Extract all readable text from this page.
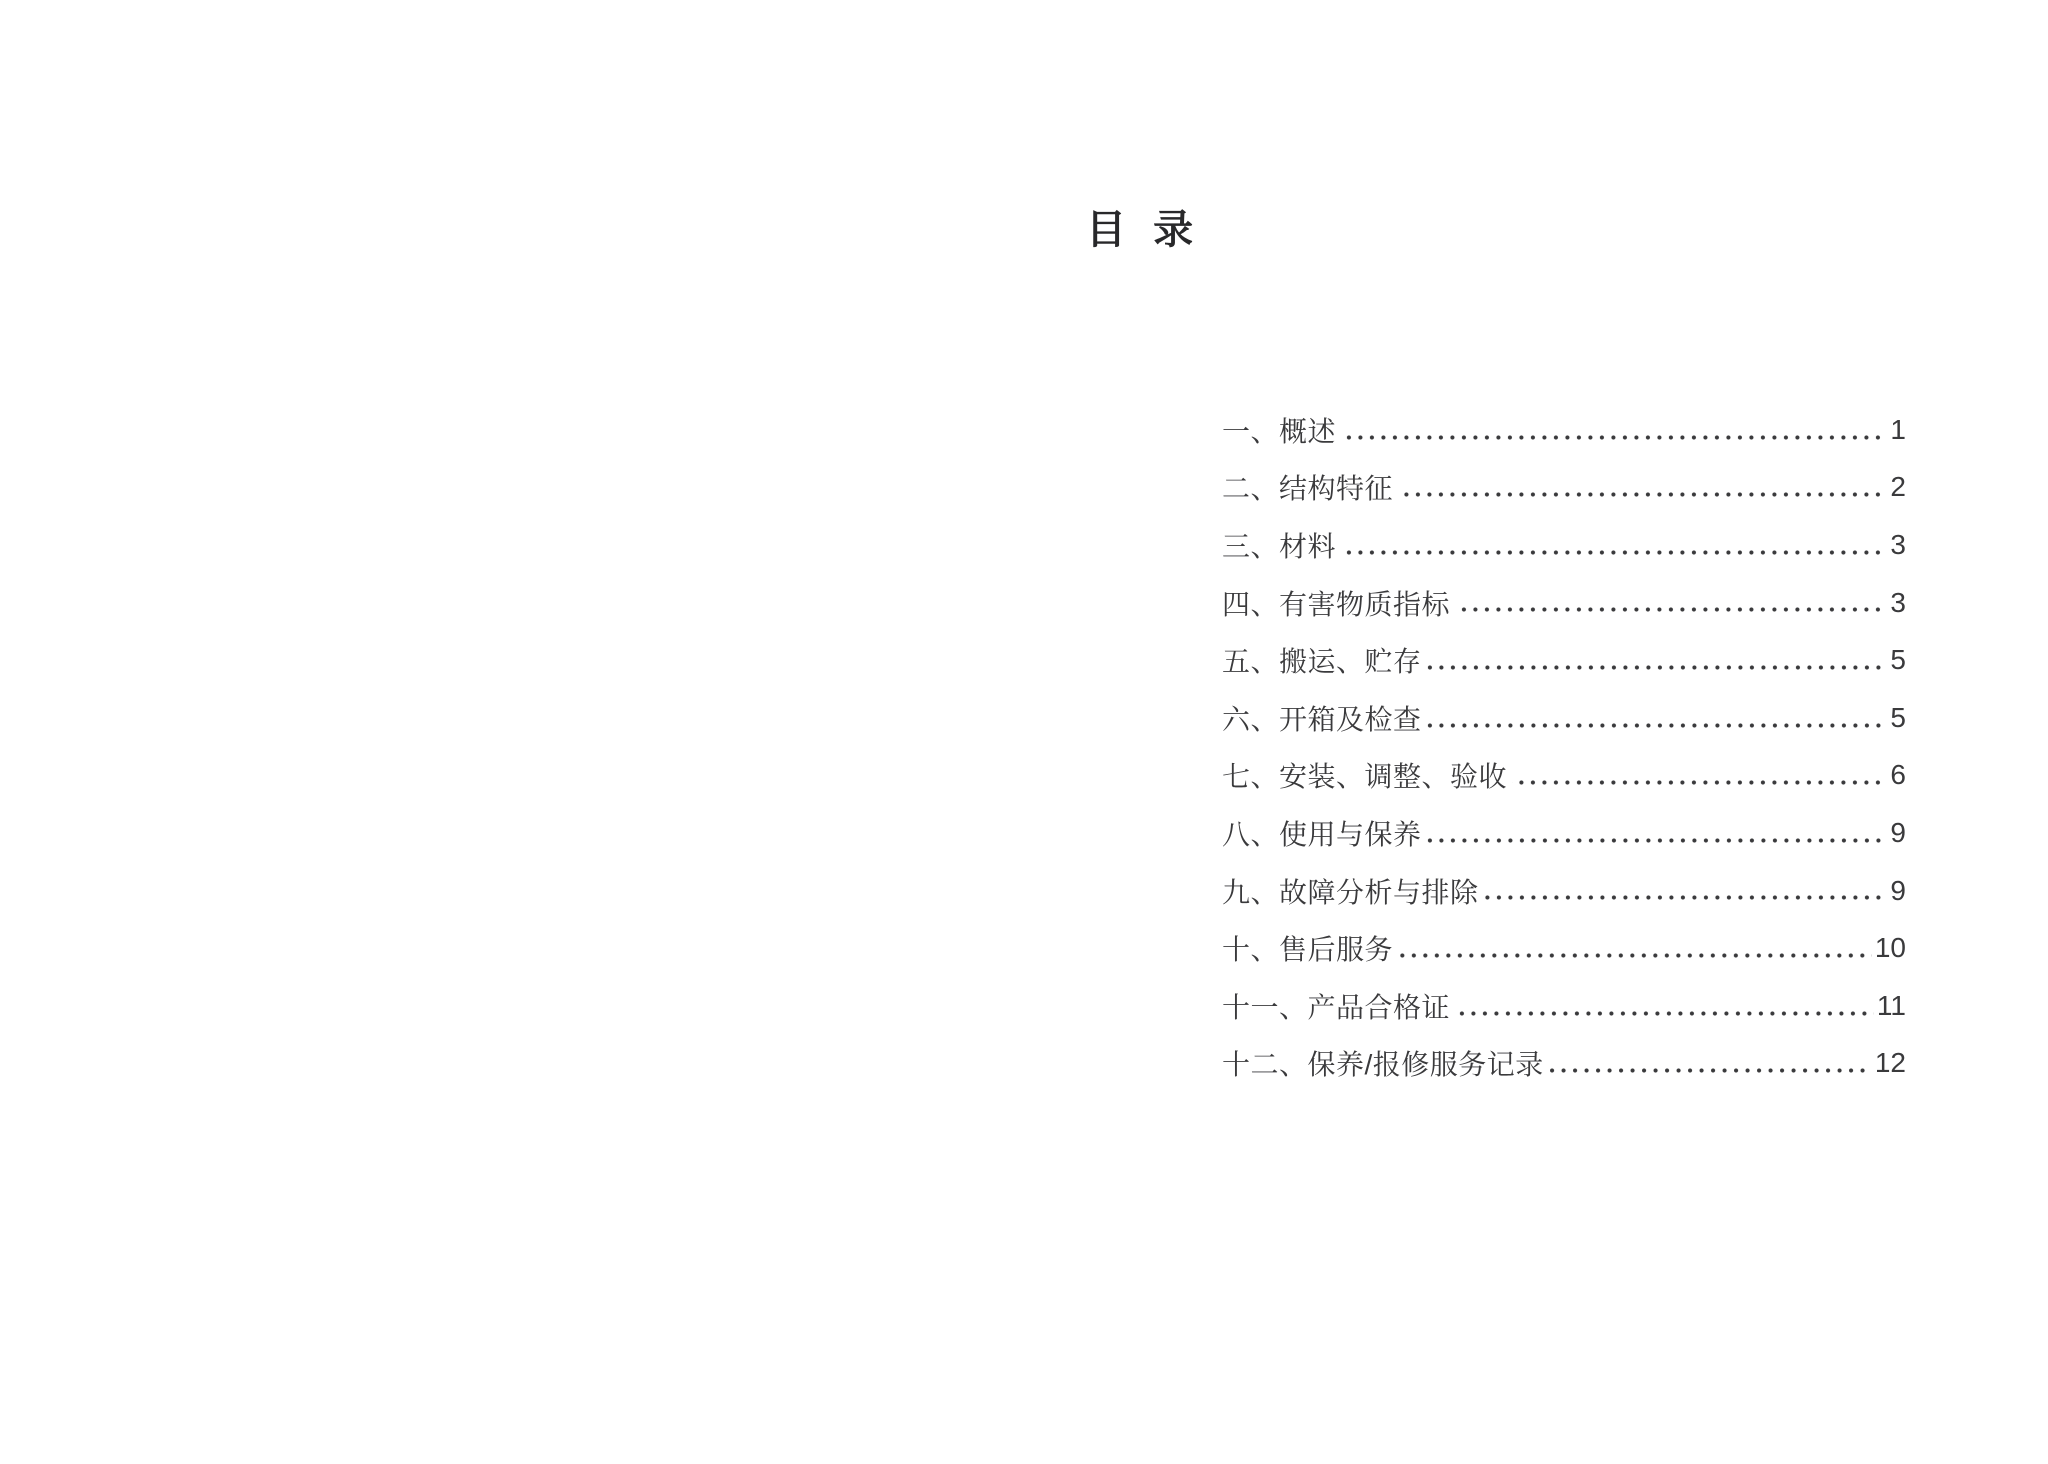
目 录
一、概述	1
二、结构特征	2
三、材料	3
四、有害物质指标	3
五、搬运、贮存	5
六、开箱及检查	5
七、安装、调整、验收	6
八、使用与保养	9
九、故障分析与排除	9
十、售后服务	10
十一、产品合格证	11
十二、保养/报修服务记录	12
